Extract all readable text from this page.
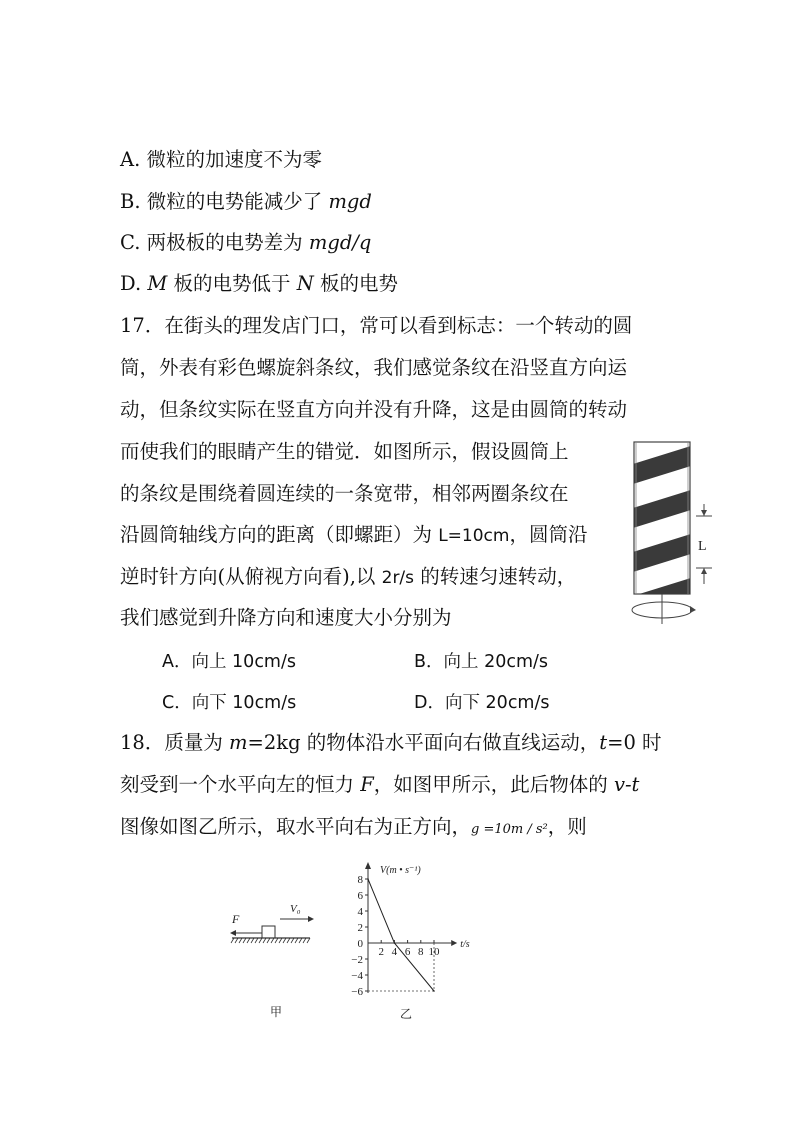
A. 微粒的加速度不为零
B. 微粒的电势能减少了 mgd
C. 两极板的电势差为 mgd/q
D. M 板的电势低于 N 板的电势
17．在街头的理发店门口，常可以看到标志：一个转动的圆
筒，外表有彩色螺旋斜条纹，我们感觉条纹在沿竖直方向运
动，但条纹实际在竖直方向并没有升降，这是由圆筒的转动
而使我们的眼睛产生的错觉．如图所示，假设圆筒上
的条纹是围绕着圆连续的一条宽带，相邻两圈条纹在
沿圆筒轴线方向的距离（即螺距）为 L=10cm，圆筒沿
逆时针方向(从俯视方向看),以 2r/s 的转速匀速转动，
我们感觉到升降方向和速度大小分别为
L
A．向上 10cm/s	B．向上 20cm/s
C．向下 10cm/s	D．向下 20cm/s
18．质量为 m=2kg 的物体沿水平面向右做直线运动，t=0 时
刻受到一个水平向左的恒力 F，如图甲所示，此后物体的 v-t
图像如图乙所示，取水平向右为正方向，g =10m / s²，则
F
V₀
甲
V(m • s⁻¹)
t/s
8
6
4
2
−2
−4
−6
0
2 4 6 8 10
乙
